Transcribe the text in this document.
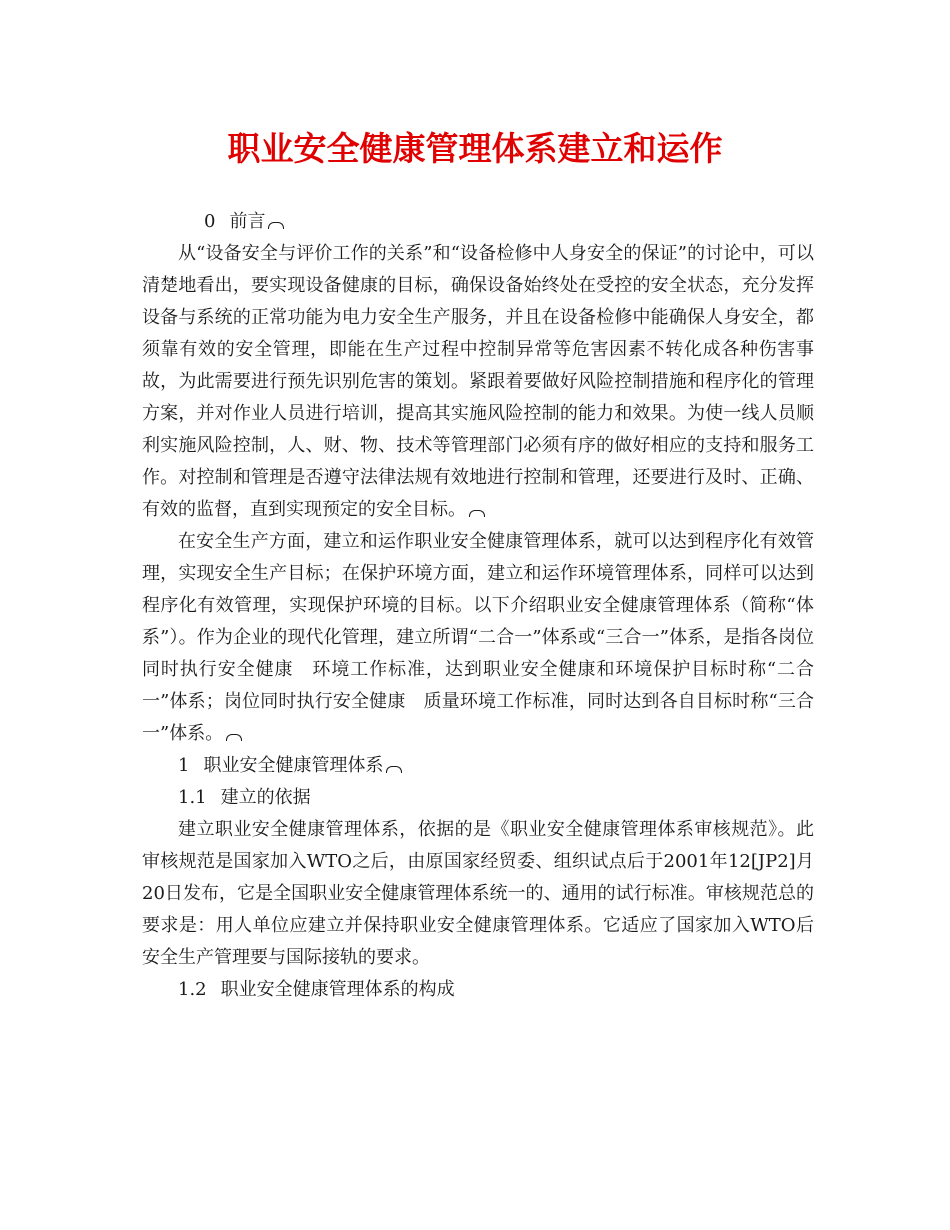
职业安全健康管理体系建立和运作

0 前言

从“设备安全与评价工作的关系”和“设备检修中人身安全的保证”的讨论中，可以清楚地看出，要实现设备健康的目标，确保设备始终处在受控的安全状态，充分发挥设备与系统的正常功能为电力安全生产服务，并且在设备检修中能确保人身安全，都须靠有效的安全管理，即能在生产过程中控制异常等危害因素不转化成各种伤害事故，为此需要进行预先识别危害的策划。紧跟着要做好风险控制措施和程序化的管理方案，并对作业人员进行培训，提高其实施风险控制的能力和效果。为使一线人员顺利实施风险控制，人、财、物、技术等管理部门必须有序的做好相应的支持和服务工作。对控制和管理是否遵守法律法规有效地进行控制和管理，还要进行及时、正确、有效的监督，直到实现预定的安全目标。

在安全生产方面，建立和运作职业安全健康管理体系，就可以达到程序化有效管理，实现安全生产目标；在保护环境方面，建立和运作环境管理体系，同样可以达到程序化有效管理，实现保护环境的目标。以下介绍职业安全健康管理体系（简称“体系”）。作为企业的现代化管理，建立所谓“二合一”体系或“三合一”体系，是指各岗位同时执行安全健康　环境工作标准，达到职业安全健康和环境保护目标时称“二合一”体系；岗位同时执行安全健康　质量环境工作标准，同时达到各自目标时称“三合一”体系。

1 职业安全健康管理体系

1.1 建立的依据

建立职业安全健康管理体系，依据的是《职业安全健康管理体系审核规范》。此审核规范是国家加入WTO之后，由原国家经贸委、组织试点后于2001年12[JP2]月20日发布，它是全国职业安全健康管理体系统一的、通用的试行标准。审核规范总的要求是：用人单位应建立并保持职业安全健康管理体系。它适应了国家加入WTO后安全生产管理要与国际接轨的要求。

1.2 职业安全健康管理体系的构成
